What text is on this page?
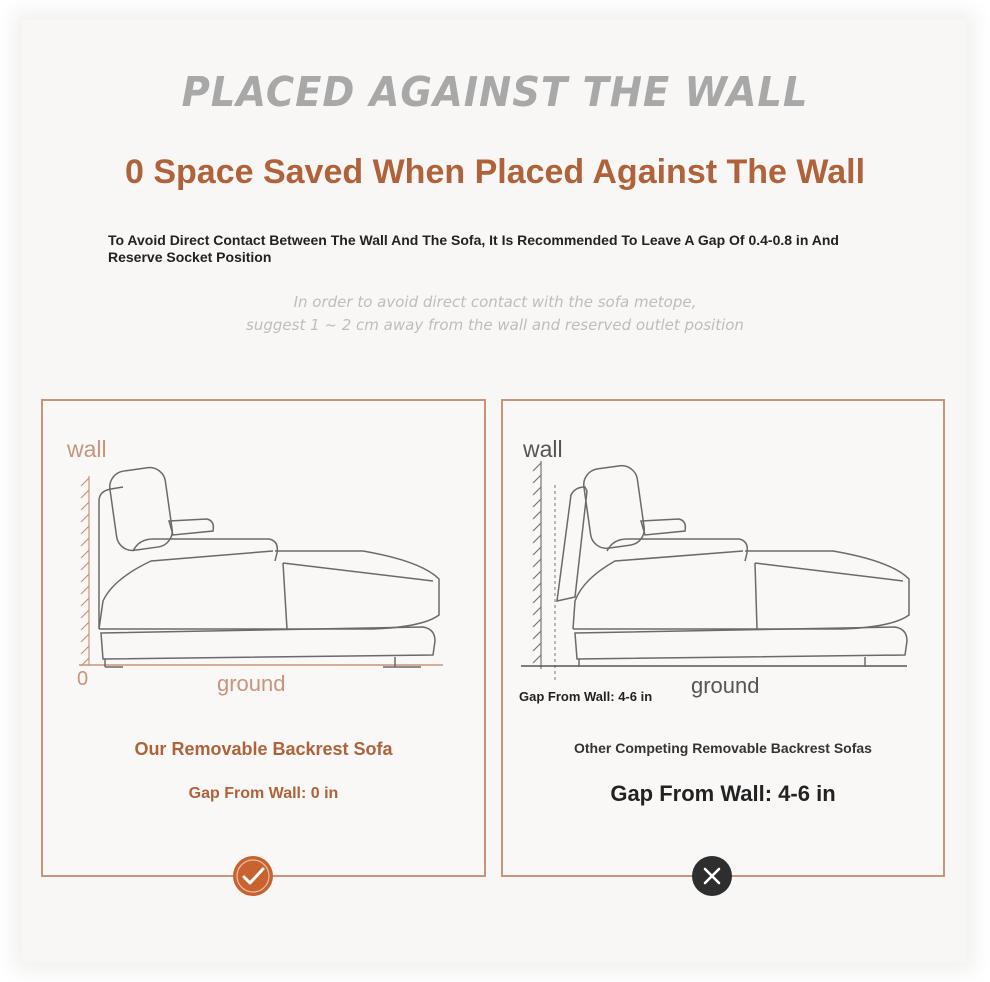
PLACED AGAINST THE WALL
0 Space Saved When Placed Against The Wall

To Avoid Direct Contact Between The Wall And The Sofa, It Is Recommended To Leave A Gap Of 0.4-0.8 in And Reserve Socket Position

In order to avoid direct contact with the sofa metope,

suggest 1 ~ 2 cm away from the wall and reserved outlet position

wall
0	ground

Our Removable Backrest Sofa

Gap From Wall: 0 in

wall
ground

Gap From Wall: 4-6 in

Other Competing Removable Backrest Sofas

Gap From Wall: 4-6 in
